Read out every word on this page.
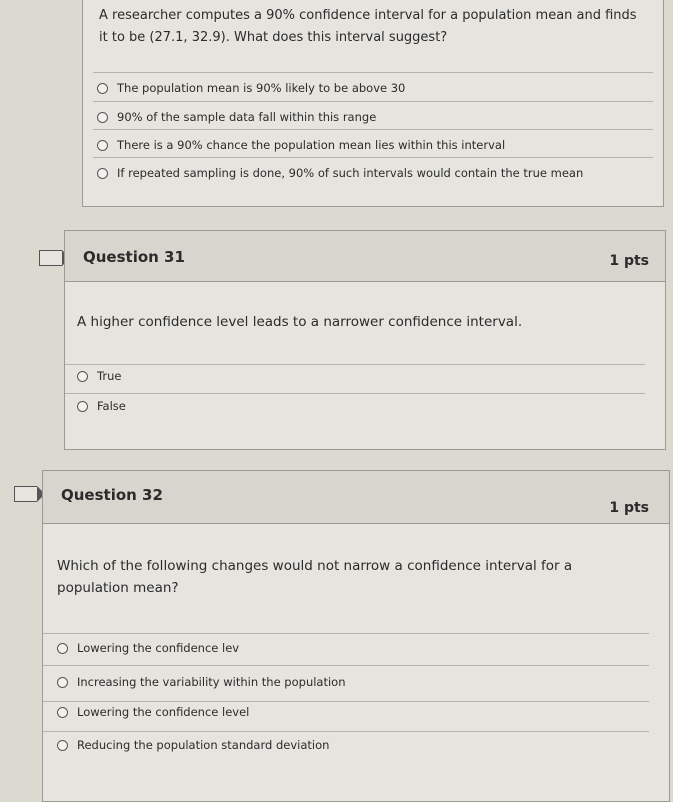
A researcher computes a 90% confidence interval for a population mean and finds it to be (27.1, 32.9). What does this interval suggest?
The population mean is 90% likely to be above 30
90% of the sample data fall within this range
There is a 90% chance the population mean lies within this interval
If repeated sampling is done, 90% of such intervals would contain the true mean
Question 31	1 pts
A higher confidence level leads to a narrower confidence interval.
True
False
Question 32
1 pts
Which of the following changes would not narrow a confidence interval for a population mean?
Lowering the confidence lev
Increasing the variability within the population
Lowering the confidence level
Reducing the population standard deviation
